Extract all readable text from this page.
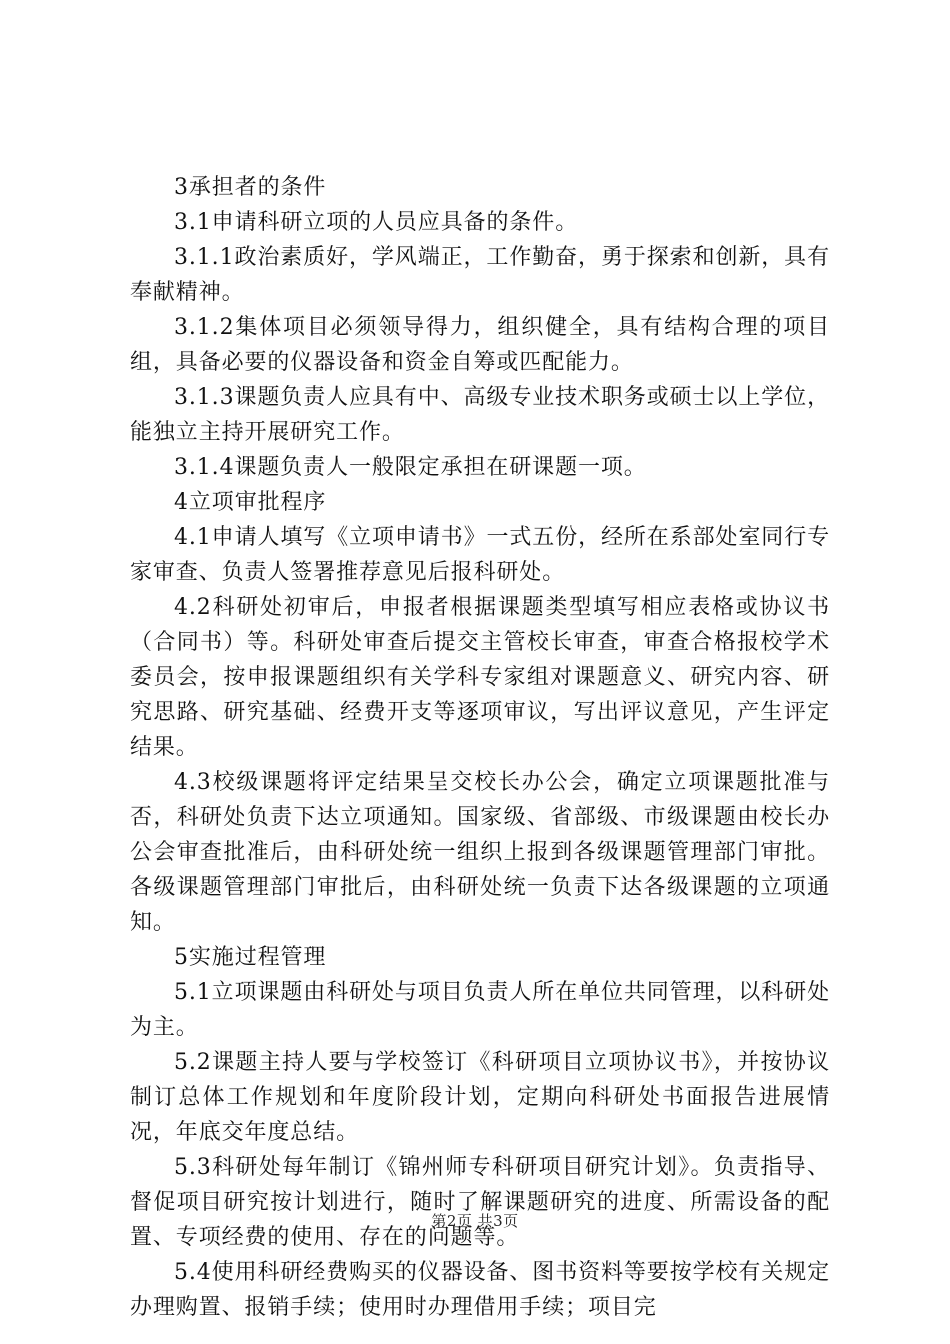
3承担者的条件

3.1申请科研立项的人员应具备的条件。

3.1.1政治素质好，学风端正，工作勤奋，勇于探索和创新，具有奉献精神。

3.1.2集体项目必须领导得力，组织健全，具有结构合理的项目组，具备必要的仪器设备和资金自筹或匹配能力。

3.1.3课题负责人应具有中、高级专业技术职务或硕士以上学位，能独立主持开展研究工作。

3.1.4课题负责人一般限定承担在研课题一项。

4立项审批程序

4.1申请人填写《立项申请书》一式五份，经所在系部处室同行专家审查、负责人签署推荐意见后报科研处。

4.2科研处初审后，申报者根据课题类型填写相应表格或协议书（合同书）等。科研处审查后提交主管校长审查，审查合格报校学术委员会，按申报课题组织有关学科专家组对课题意义、研究内容、研究思路、研究基础、经费开支等逐项审议，写出评议意见，产生评定结果。

4.3校级课题将评定结果呈交校长办公会，确定立项课题批准与否，科研处负责下达立项通知。国家级、省部级、市级课题由校长办公会审查批准后，由科研处统一组织上报到各级课题管理部门审批。各级课题管理部门审批后，由科研处统一负责下达各级课题的立项通知。

5实施过程管理

5.1立项课题由科研处与项目负责人所在单位共同管理，以科研处为主。

5.2课题主持人要与学校签订《科研项目立项协议书》，并按协议制订总体工作规划和年度阶段计划，定期向科研处书面报告进展情况，年底交年度总结。

5.3科研处每年制订《锦州师专科研项目研究计划》。负责指导、督促项目研究按计划进行，随时了解课题研究的进度、所需设备的配置、专项经费的使用、存在的问题等。

5.4使用科研经费购买的仪器设备、图书资料等要按学校有关规定办理购置、报销手续；使用时办理借用手续；项目完

第2页 共3页
